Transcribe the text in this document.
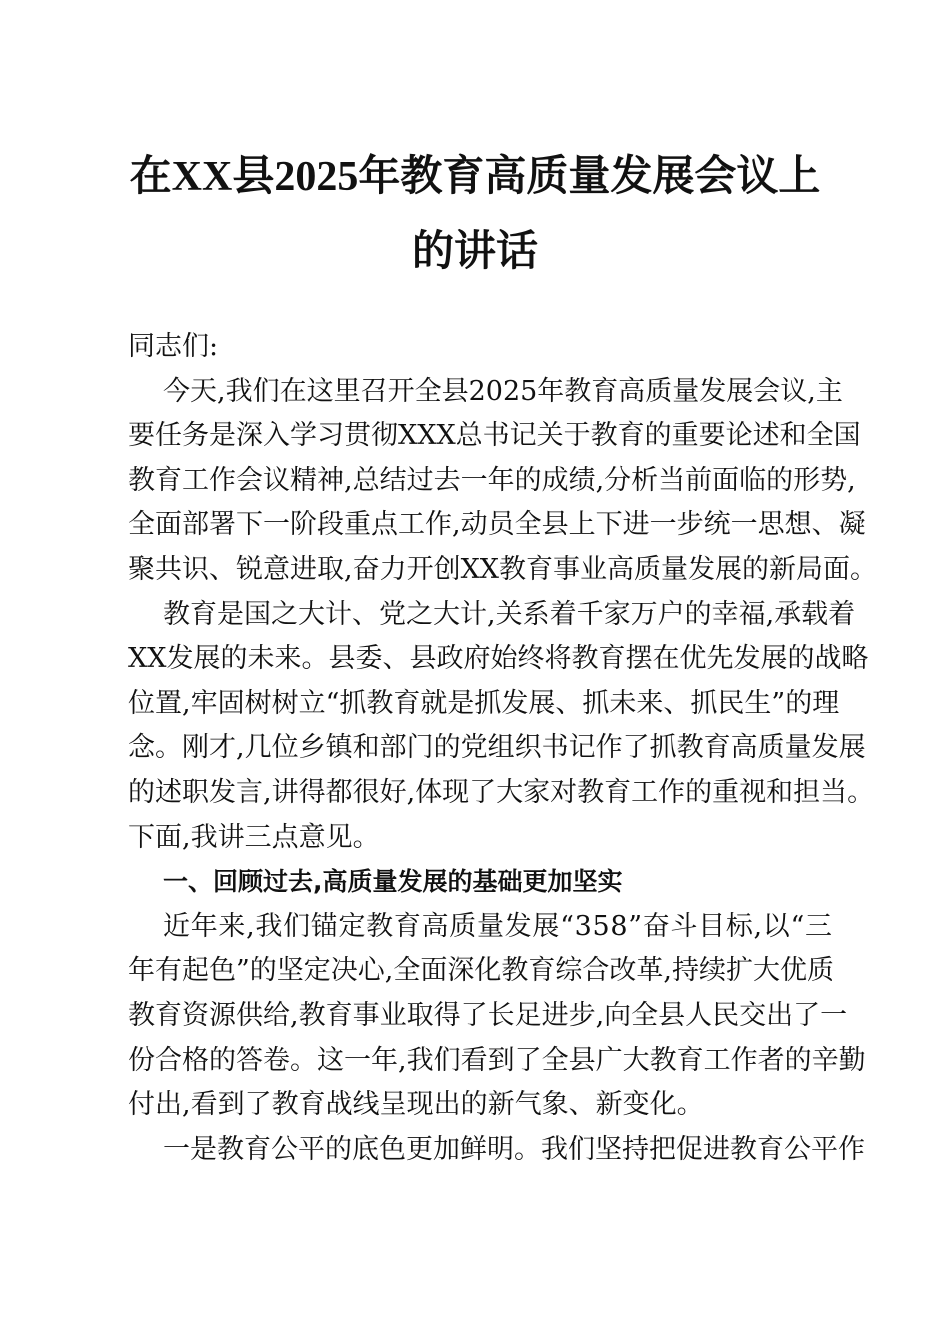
在XX县2025年教育高质量发展会议上
的讲话
同志们:
今天,我们在这里召开全县2025年教育高质量发展会议,主
要任务是深入学习贯彻XXX总书记关于教育的重要论述和全国
教育工作会议精神,总结过去一年的成绩,分析当前面临的形势,
全面部署下一阶段重点工作,动员全县上下进一步统一思想、凝
聚共识、锐意进取,奋力开创XX教育事业高质量发展的新局面。
教育是国之大计、党之大计,关系着千家万户的幸福,承载着
XX发展的未来。县委、县政府始终将教育摆在优先发展的战略
位置,牢固树树立“抓教育就是抓发展、抓未来、抓民生”的理
念。刚才,几位乡镇和部门的党组织书记作了抓教育高质量发展
的述职发言,讲得都很好,体现了大家对教育工作的重视和担当。
下面,我讲三点意见。
一、回顾过去,高质量发展的基础更加坚实
近年来,我们锚定教育高质量发展“358”奋斗目标,以“三
年有起色”的坚定决心,全面深化教育综合改革,持续扩大优质
教育资源供给,教育事业取得了长足进步,向全县人民交出了一
份合格的答卷。这一年,我们看到了全县广大教育工作者的辛勤
付出,看到了教育战线呈现出的新气象、新变化。
一是教育公平的底色更加鲜明。我们坚持把促进教育公平作
